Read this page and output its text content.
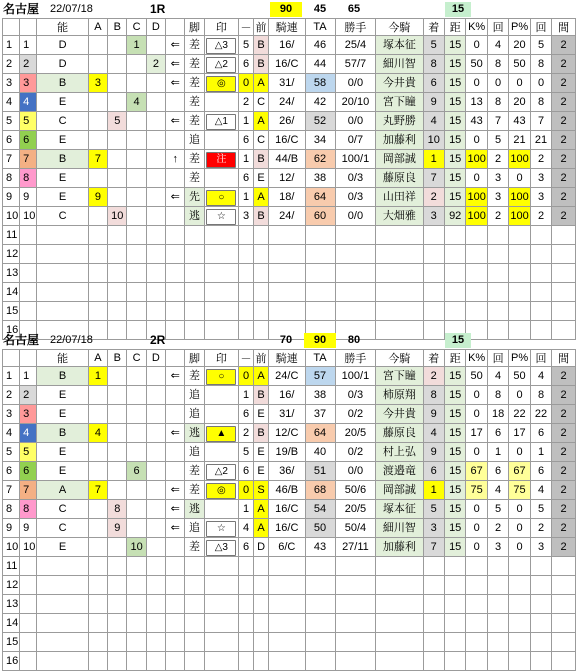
名古屋 22/07/18	1R	90	45	65	15
		能	A	B	C	D		脚	印	－	前	騎連	TA	勝手	今騎	着	距	K%	回	P%	回	間
1	1	D			1		⇐	差	△3	5	B	16/	46	25/4	塚本征	5	15	0	4	20	5	2
2	2	D				2	⇐	差	△2	6	B	16/C	44	57/7	細川智	8	15	50	8	50	8	2
3	3	B	3				⇐	差	◎	0	A	31/	58	0/0	今井貴	6	15	0	0	0	0	2
4	4	E			4			差		2	C	24/	42	20/10	宮下瞳	9	15	13	8	20	8	2
5	5	C		5			⇐	差	△1	1	A	26/	52	0/0	丸野勝	4	15	43	7	43	7	2
6	6	E						追		6	C	16/C	34	0/7	加藤利	10	15	0	5	21	21	2
7	7	B	7				↑	差	注	1	B	44/B	62	100/1	岡部誠	1	15	100	2	100	2	2
8	8	E						差		6	E	12/	38	0/3	藤原良	7	15	0	3	0	3	2
9	9	E	9				⇐	先	○	1	A	18/	64	0/3	山田祥	2	15	100	3	100	3	2
10	10	C		10				逃	☆	3	B	24/	60	0/0	大畑雅	3	92	100	2	100	2	2
11																						
12																						
13																						
14																						
15																						
16																						
名古屋 22/07/18	2R	70	90	80	15
		能	A	B	C	D		脚	印	－	前	騎連	TA	勝手	今騎	着	距	K%	回	P%	回	間
1	1	B	1				⇐	差	○	0	A	24/C	57	100/1	宮下瞳	2	15	50	4	50	4	2
2	2	E						追		1	B	16/	38	0/3	柿原翔	8	15	0	8	0	8	2
3	3	E						追		6	E	31/	37	0/2	今井貴	9	15	0	18	22	22	2
4	4	B	4				⇐	逃	▲	2	B	12/C	64	20/5	藤原良	4	15	17	6	17	6	2
5	5	E						追		5	E	19/B	40	0/2	村上弘	9	15	0	1	0	1	2
6	6	E			6			差	△2	6	E	36/	51	0/0	渡邉竜	6	15	67	6	67	6	2
7	7	A	7				⇐	差	◎	0	S	46/B	68	50/6	岡部誠	1	15	75	4	75	4	2
8	8	C		8			⇐	逃		1	A	16/C	54	20/5	塚本征	5	15	0	5	0	5	2
9	9	C		9			⇐	追	☆	4	A	16/C	50	50/4	細川智	3	15	0	2	0	2	2
10	10	E			10			差	△3	6	D	6/C	43	27/11	加藤利	7	15	0	3	0	3	2
11																						
12																						
13																						
14																						
15																						
16																						
